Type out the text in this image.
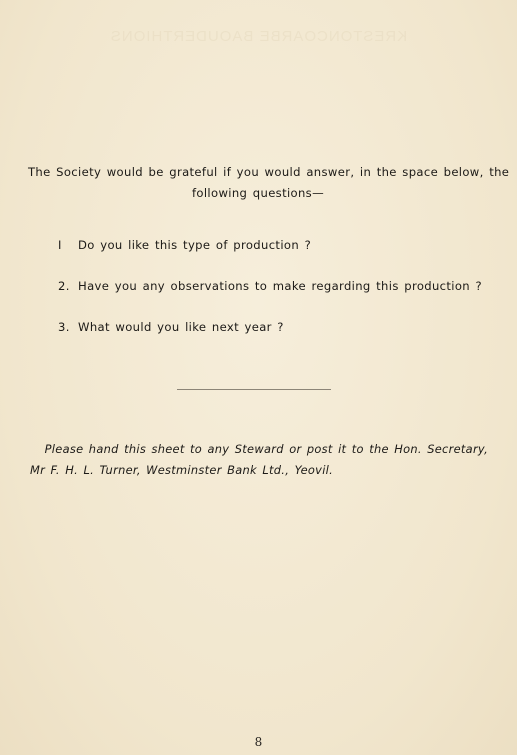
KRESTONCOARBE BAOUDERTHIONS
The Society would be grateful if you would answer, in the space below, the
following questions—
I Do you like this type of production ?
2. Have you any observations to make regarding this production ?
3. What would you like next year ?
Please hand this sheet to any Steward or post it to the Hon. Secretary,
Mr F. H. L. Turner, Westminster Bank Ltd., Yeovil.
8
